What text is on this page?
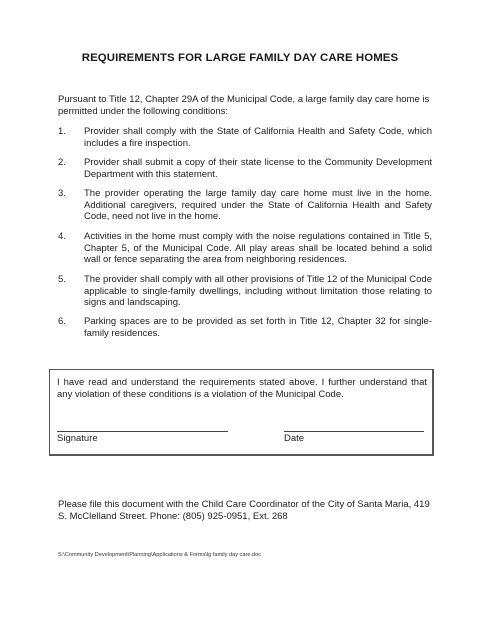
REQUIREMENTS FOR LARGE FAMILY DAY CARE HOMES
Pursuant to Title 12, Chapter 29A of the Municipal Code, a large family day care home is permitted under the following conditions:
1.	Provider shall comply with the State of California Health and Safety Code, which includes a fire inspection.
2.	Provider shall submit a copy of their state license to the Community Development Department with this statement.
3.	The provider operating the large family day care home must live in the home. Additional caregivers, required under the State of California Health and Safety Code, need not live in the home.
4.	Activities in the home must comply with the noise regulations contained in Title 5, Chapter 5, of the Municipal Code. All play areas shall be located behind a solid wall or fence separating the area from neighboring residences.
5.	The provider shall comply with all other provisions of Title 12 of the Municipal Code applicable to single-family dwellings, including without limitation those relating to signs and landscaping.
6.	Parking spaces are to be provided as set forth in Title 12, Chapter 32 for single-family residences.
I have read and understand the requirements stated above. I further understand that any violation of these conditions is a violation of the Municipal Code.
Signature	Date
Please file this document with the Child Care Coordinator of the City of Santa Maria, 419 S. McClelland Street. Phone: (805) 925-0951, Ext. 268
S:\Community Development\Planning\Applications & Forms\lg family day care.doc
